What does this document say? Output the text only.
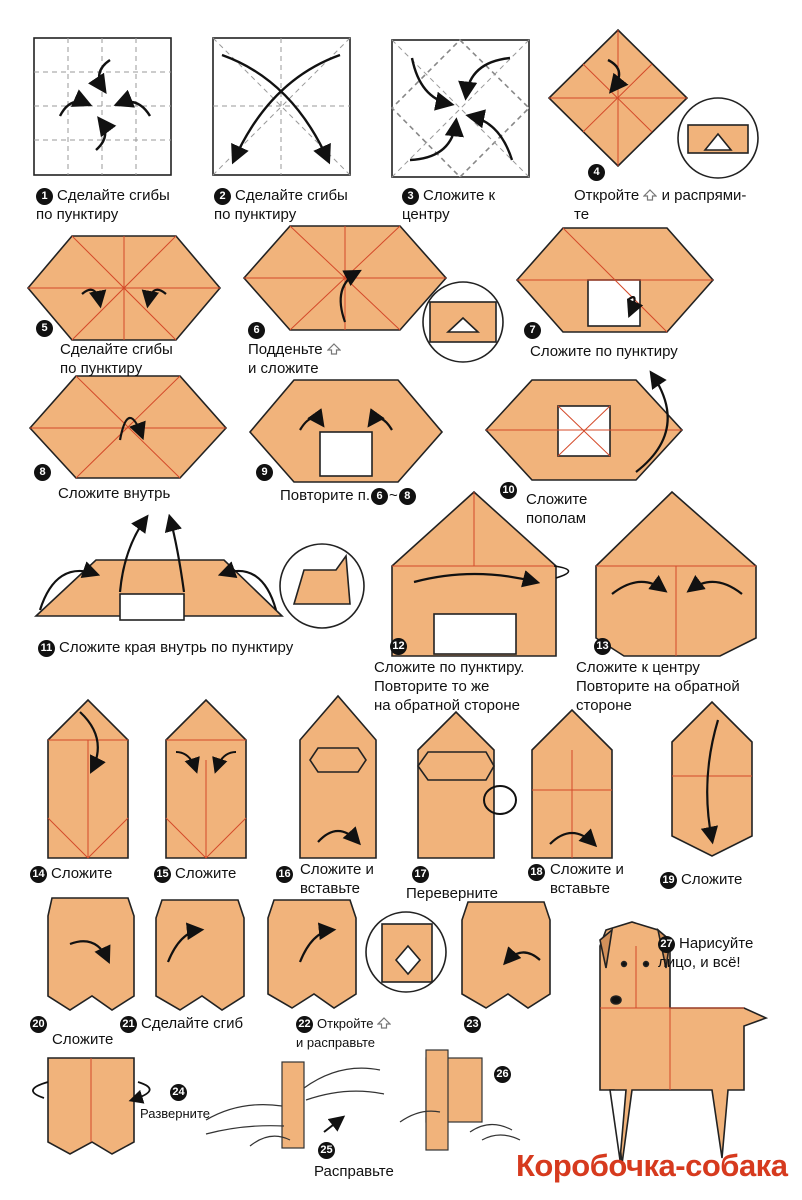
1 Сделайте сгибы
по пунктиру
2 Сделайте сгибы
по пунктиру
3 Сложите к
центру
4
Откройте и распрями-
те
5
Сделайте сгибы
по пунктиру
6
Подденьте
и сложите
7
Сложите по пунктиру
8
Сложите внутрь
9
Повторите п. 6 ~ 8	10
Сложите
пополам
11 Сложите края внутрь по пунктиру	12
Сложите по пунктиру.
Повторите то же
на обратной стороне
13
Сложите к центру
Повторите на обратной
стороне
14 Сложите	15 Сложите	16 Сложите и
вставьте
17
Переверните
18 Сложите и
вставьте	19 Сложите
20
Сложите
21 Сделайте сгиб	22 Откройте
и расправьте
23
24
Разверните
25
Расправьте
26
27 Нарисуйте
лицо, и всё!
Коробочка-собака
